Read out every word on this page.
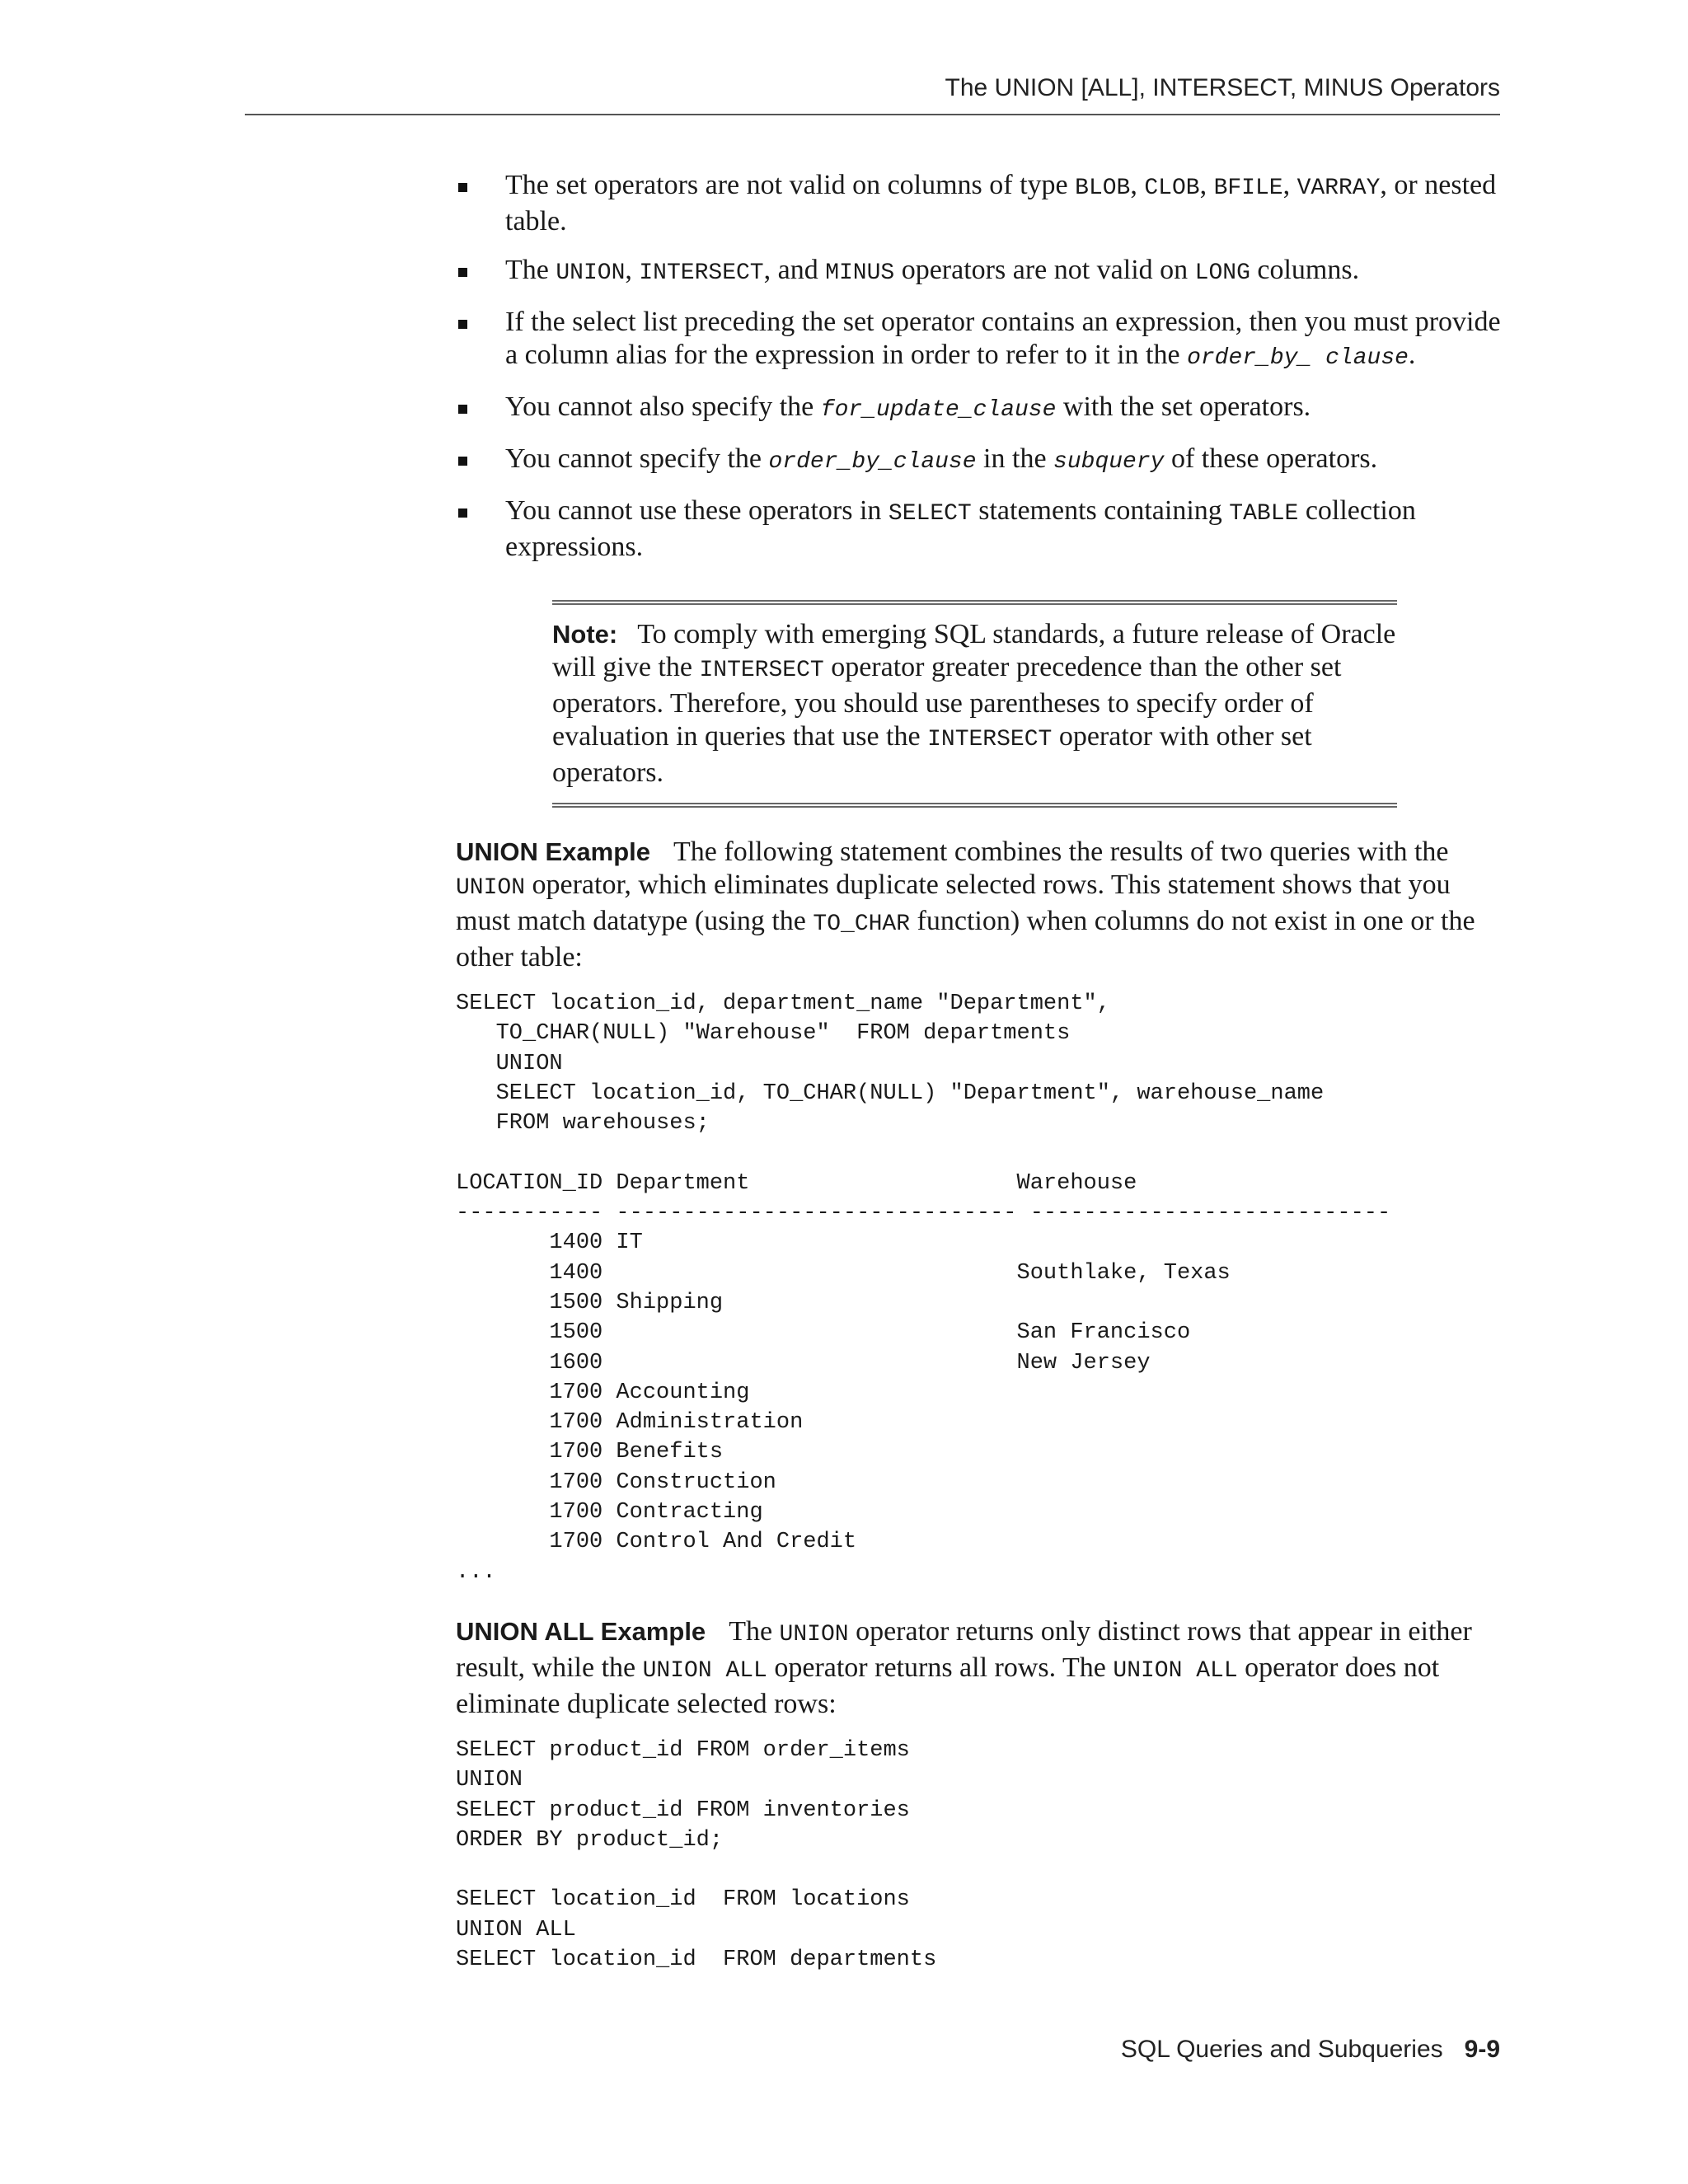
The UNION [ALL], INTERSECT, MINUS Operators
The set operators are not valid on columns of type BLOB, CLOB, BFILE, VARRAY, or nested table.
The UNION, INTERSECT, and MINUS operators are not valid on LONG columns.
If the select list preceding the set operator contains an expression, then you must provide a column alias for the expression in order to refer to it in the order_by_ clause.
You cannot also specify the for_update_clause with the set operators.
You cannot specify the order_by_clause in the subquery of these operators.
You cannot use these operators in SELECT statements containing TABLE collection expressions.

Note: To comply with emerging SQL standards, a future release of Oracle will give the INTERSECT operator greater precedence than the other set operators. Therefore, you should use parentheses to specify order of evaluation in queries that use the INTERSECT operator with other set operators.

UNION Example The following statement combines the results of two queries with the UNION operator, which eliminates duplicate selected rows. This statement shows that you must match datatype (using the TO_CHAR function) when columns do not exist in one or the other table:

SELECT location_id, department_name "Department",
TO_CHAR(NULL) "Warehouse"  FROM departments
UNION
SELECT location_id, TO_CHAR(NULL) "Department", warehouse_name
FROM warehouses;

LOCATION_ID Department                    Warehouse
----------- ------------------------------ ---------------------------
1400 IT
1400                               Southlake, Texas
1500 Shipping
1500                               San Francisco
1600                               New Jersey
1700 Accounting
1700 Administration
1700 Benefits
1700 Construction
1700 Contracting
1700 Control And Credit
...

UNION ALL Example The UNION operator returns only distinct rows that appear in either result, while the UNION ALL operator returns all rows. The UNION ALL operator does not eliminate duplicate selected rows:

SELECT product_id FROM order_items
UNION
SELECT product_id FROM inventories
ORDER BY product_id;

SELECT location_id  FROM locations
UNION ALL
SELECT location_id  FROM departments
SQL Queries and Subqueries 9-9
